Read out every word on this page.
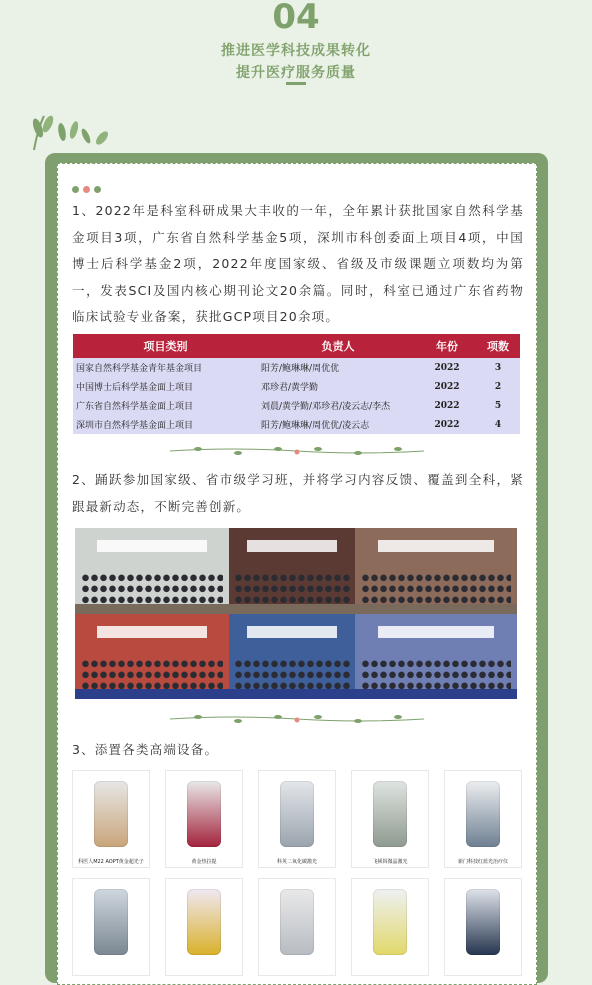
04
推进医学科技成果转化
提升医疗服务质量
1、2022年是科室科研成果大丰收的一年，全年累计获批国家自然科学基金项目3项，广东省自然科学基金5项，深圳市科创委面上项目4项，中国博士后科学基金2项，2022年度国家级、省级及市级课题立项数均为第一，发表SCI及国内核心期刊论文20余篇。同时，科室已通过广东省药物临床试验专业备案，获批GCP项目20余项。
项目类别	负责人	年份	项数
国家自然科学基金青年基金项目	阳芳/鲍琳琳/周优优	2022	3
中国博士后科学基金面上项目	邓珍君/黄学勤	2022	2
广东省自然科学基金面上项目	刘晨/黄学勤/邓珍君/凌云志/李杰	2022	5
深圳市自然科学基金面上项目	阳芳/鲍琳琳/周优优/凌云志	2022	4
2、踊跃参加国家级、省市级学习班，并将学习内容反馈、覆盖到全科，紧跟最新动态，不断完善创新。
3、添置各类高端设备。
科医人M22 AOPT黄金超光子	黄金热拉提	科英二氧化碳激光	飞顿铒微晶激光	新门科技红蓝光治疗仪
